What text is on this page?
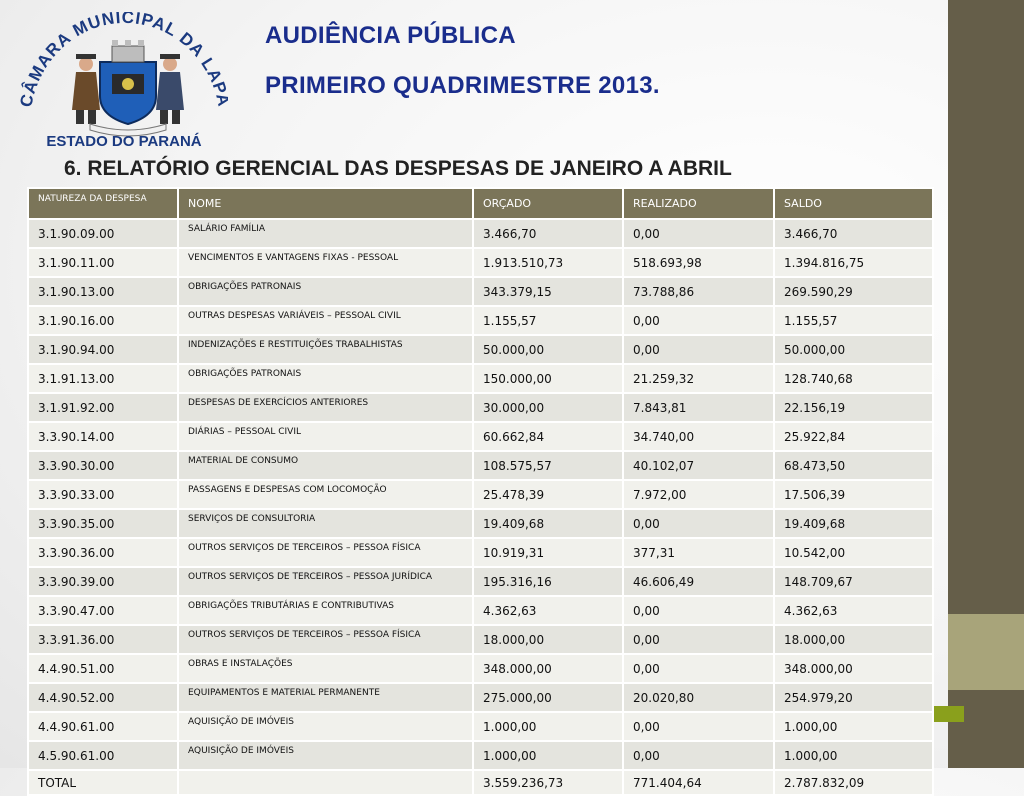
ÂMARA MUNICIPAL DA LA
ESTADO DO PARANÁ
AUDIÊNCIA PÚBLICA
PRIMEIRO QUADRIMESTRE 2013.
6. RELATÓRIO GERENCIAL DAS DESPESAS DE JANEIRO A ABRIL
NATUREZA DA DESPESA	NOME	ORÇADO	REALIZADO	SALDO
3.1.90.09.00	SALÁRIO FAMÍLIA	3.466,70	0,00	3.466,70
3.1.90.11.00	VENCIMENTOS E VANTAGENS FIXAS - PESSOAL	1.913.510,73	518.693,98	1.394.816,75
3.1.90.13.00	OBRIGAÇÕES PATRONAIS	343.379,15	73.788,86	269.590,29
3.1.90.16.00	OUTRAS DESPESAS VARIÁVEIS – PESSOAL CIVIL	1.155,57	0,00	1.155,57
3.1.90.94.00	INDENIZAÇÕES E RESTITUIÇÕES TRABALHISTAS	50.000,00	0,00	50.000,00
3.1.91.13.00	OBRIGAÇÕES PATRONAIS	150.000,00	21.259,32	128.740,68
3.1.91.92.00	DESPESAS DE EXERCÍCIOS ANTERIORES	30.000,00	7.843,81	22.156,19
3.3.90.14.00	DIÁRIAS – PESSOAL CIVIL	60.662,84	34.740,00	25.922,84
3.3.90.30.00	MATERIAL DE CONSUMO	108.575,57	40.102,07	68.473,50
3.3.90.33.00	PASSAGENS E DESPESAS COM LOCOMOÇÃO	25.478,39	7.972,00	17.506,39
3.3.90.35.00	SERVIÇOS DE CONSULTORIA	19.409,68	0,00	19.409,68
3.3.90.36.00	OUTROS SERVIÇOS DE TERCEIROS – PESSOA FÍSICA	10.919,31	377,31	10.542,00
3.3.90.39.00	OUTROS SERVIÇOS DE TERCEIROS – PESSOA JURÍDICA	195.316,16	46.606,49	148.709,67
3.3.90.47.00	OBRIGAÇÕES TRIBUTÁRIAS E CONTRIBUTIVAS	4.362,63	0,00	4.362,63
3.3.91.36.00	OUTROS SERVIÇOS DE TERCEIROS – PESSOA FÍSICA	18.000,00	0,00	18.000,00
4.4.90.51.00	OBRAS E INSTALAÇÕES	348.000,00	0,00	348.000,00
4.4.90.52.00	EQUIPAMENTOS E MATERIAL PERMANENTE	275.000,00	20.020,80	254.979,20
4.4.90.61.00	AQUISIÇÃO DE IMÓVEIS	1.000,00	0,00	1.000,00
4.5.90.61.00	AQUISIÇÃO DE IMÓVEIS	1.000,00	0,00	1.000,00
TOTAL		3.559.236,73	771.404,64	2.787.832,09
